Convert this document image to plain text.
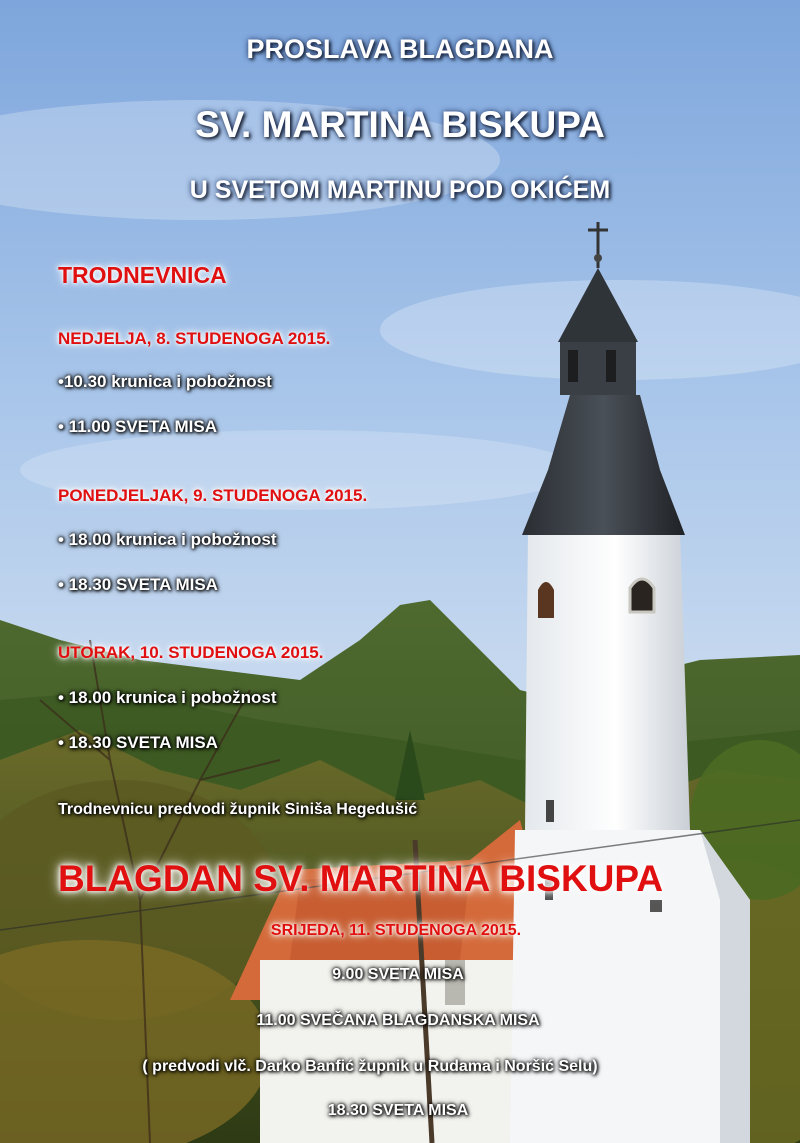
PROSLAVA BLAGDANA
SV. MARTINA BISKUPA
U SVETOM MARTINU POD OKIĆEM
TRODNEVNICA
NEDJELJA, 8. STUDENOGA 2015.
•10.30 krunica i pobožnost
• 11.00 SVETA MISA
PONEDJELJAK, 9. STUDENOGA 2015.
• 18.00 krunica i pobožnost
• 18.30 SVETA MISA
UTORAK, 10. STUDENOGA 2015.
• 18.00 krunica i pobožnost
• 18.30 SVETA MISA
Trodnevnicu predvodi župnik Siniša Hegedušić
BLAGDAN SV. MARTINA BISKUPA
SRIJEDA, 11. STUDENOGA 2015.
9.00 SVETA MISA
11.00 SVEČANA BLAGDANSKA MISA
( predvodi vlč. Darko Banfić župnik u Rudama i Noršić Selu)
18.30 SVETA MISA
